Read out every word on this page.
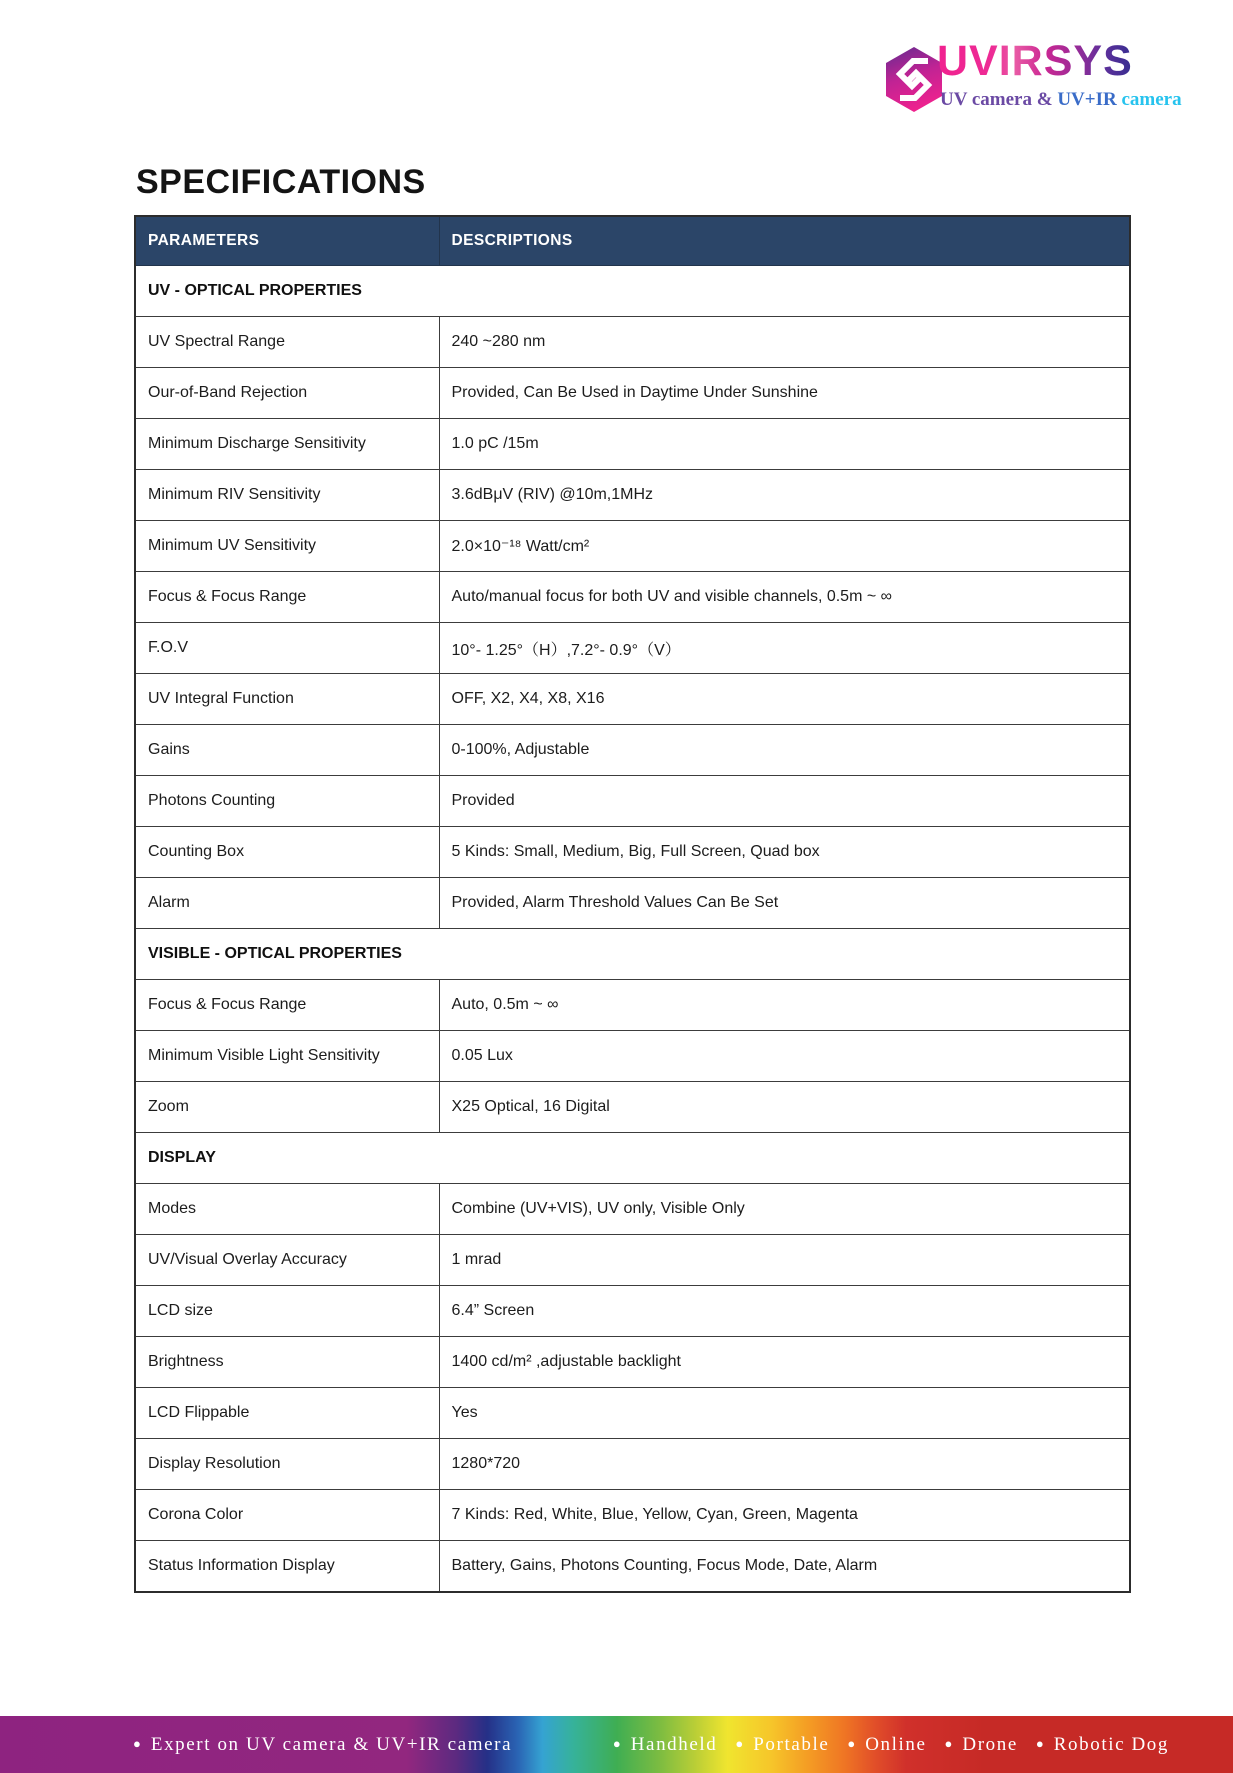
UVIRSYS
UV camera & UV+IR camera
SPECIFICATIONS
PARAMETERS	DESCRIPTIONS
UV - OPTICAL PROPERTIES	
UV Spectral Range	240 ~280 nm
Our-of-Band Rejection	Provided, Can Be Used in Daytime Under Sunshine
Minimum Discharge Sensitivity	1.0 pC /15m
Minimum RIV Sensitivity	3.6dBμV (RIV) @10m,1MHz
Minimum UV Sensitivity	2.0×10⁻¹⁸ Watt/cm²
Focus & Focus Range	Auto/manual focus for both UV and visible channels, 0.5m ~ ∞
F.O.V	10°- 1.25°（H）,7.2°- 0.9°（V）
UV Integral Function	OFF, X2, X4, X8, X16
Gains	0-100%, Adjustable
Photons Counting	Provided
Counting Box	5 Kinds: Small, Medium, Big, Full Screen, Quad box
Alarm	Provided, Alarm Threshold Values Can Be Set
VISIBLE - OPTICAL PROPERTIES	
Focus & Focus Range	Auto, 0.5m ~ ∞
Minimum Visible Light Sensitivity	0.05 Lux
Zoom	X25 Optical, 16 Digital
DISPLAY	
Modes	Combine (UV+VIS), UV only, Visible Only
UV/Visual Overlay Accuracy	1 mrad
LCD size	6.4” Screen
Brightness	1400 cd/m² ,adjustable backlight
LCD Flippable	Yes
Display Resolution	1280*720
Corona Color	7 Kinds: Red, White, Blue, Yellow, Cyan, Green, Magenta
Status Information Display	Battery, Gains, Photons Counting, Focus Mode, Date, Alarm
● Expert on UV camera & UV+IR camera	● Handheld ● Portable ● Online ● Drone ● Robotic Dog
